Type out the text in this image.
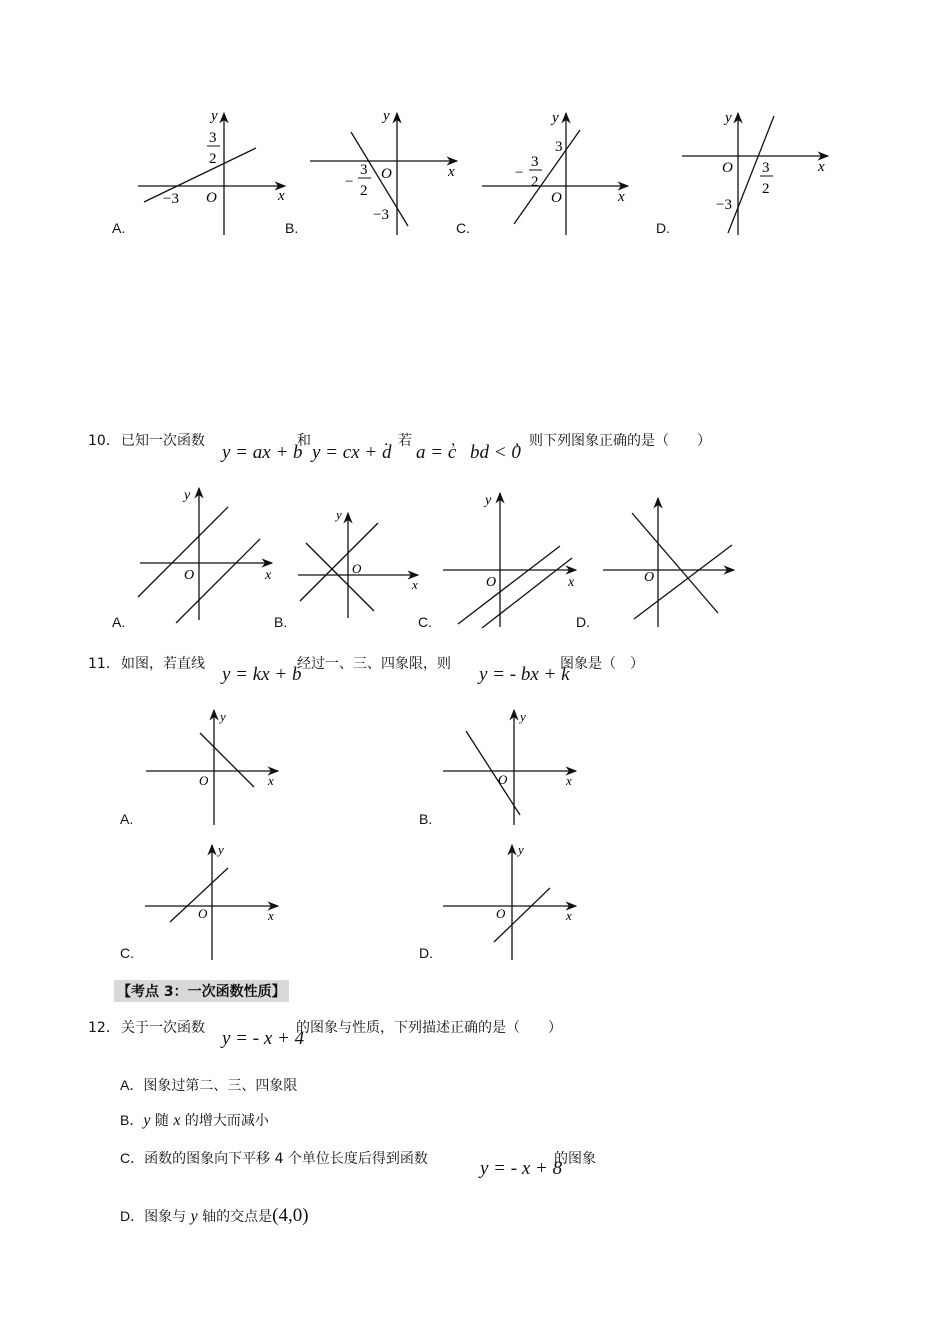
A.
y
x
O
3
2
−3
B.
y
x
O
−
3
2
−3
C.
y
x
O
−
3
2
3
D.
y
x
O 3
2
−3
10． 已知一次函数
y = ax + b
和
y = cx + d
．若
a = c
，
bd < 0
，则下列图象正确的是（　　）
A.
y
x
O
B.
y
x
O
C.
y
x
O
D.
O
x
y
11． 如图，若直线 y = kx + b
经过一、三、四象限，则 y = - bx + k
图象是（　）
A.
y
x
O
B.
y
x
O
C.
y
x
O
D.
y
x
O
【考点 3：一次函数性质】
12． 关于一次函数 y = - x + 4
的图象与性质，下列描述正确的是（　　）
A．图象过第二、三、四象限
B．y 随 x 的增大而减小
C．函数的图象向下平移 4 个单位长度后得到函数	y = - x + 8
的图象
D．图象与 y 轴的交点是(4,0)
